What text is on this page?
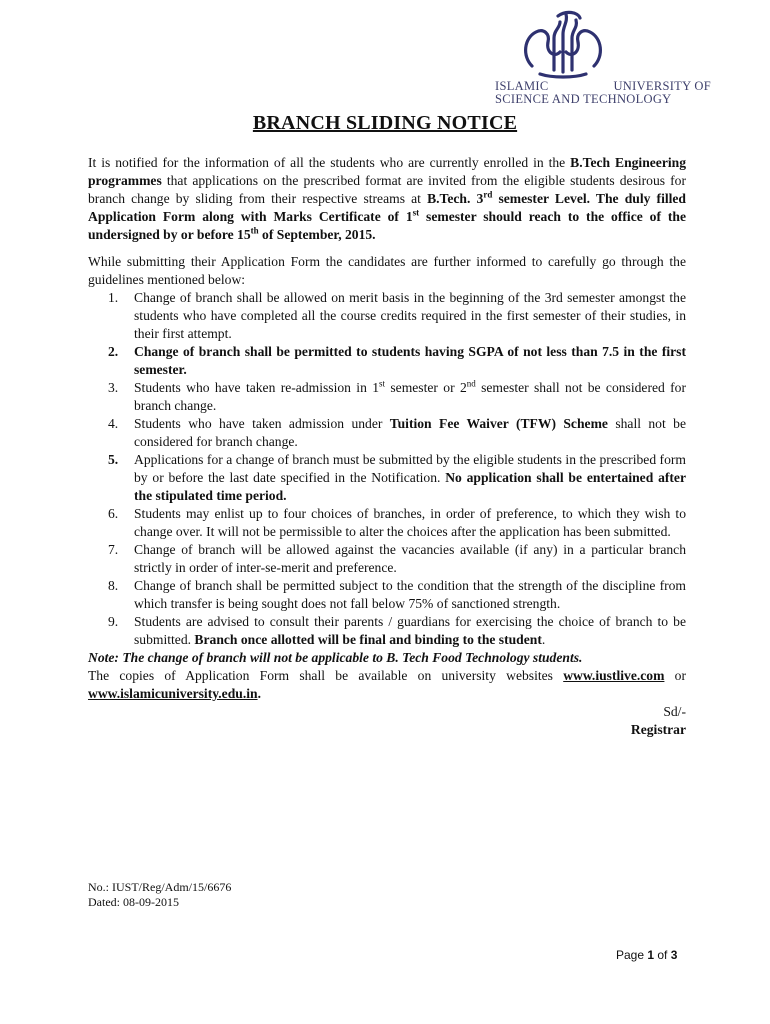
ISLAMIC	UNIVERSITY OF
SCIENCE AND TECHNOLOGY
BRANCH SLIDING NOTICE

It is notified for the information of all the students who are currently enrolled in the B.Tech Engineering programmes that applications on the prescribed format are invited from the eligible students desirous for branch change by sliding from their respective streams at B.Tech. 3rd semester Level. The duly filled Application Form along with Marks Certificate of 1st semester should reach to the office of the undersigned by or before 15th of September, 2015.

While submitting their Application Form the candidates are further informed to carefully go through the guidelines mentioned below:

1. Change of branch shall be allowed on merit basis in the beginning of the 3rd semester amongst the students who have completed all the course credits required in the first semester of their studies, in their first attempt.
2. Change of branch shall be permitted to students having SGPA of not less than 7.5 in the first semester.
3. Students who have taken re-admission in 1st semester or 2nd semester shall not be considered for branch change.
4. Students who have taken admission under Tuition Fee Waiver (TFW) Scheme shall not be considered for branch change.
5. Applications for a change of branch must be submitted by the eligible students in the prescribed form by or before the last date specified in the Notification. No application shall be entertained after the stipulated time period.
6. Students may enlist up to four choices of branches, in order of preference, to which they wish to change over. It will not be permissible to alter the choices after the application has been submitted.
7. Change of branch will be allowed against the vacancies available (if any) in a particular branch strictly in order of inter-se-merit and preference.
8. Change of branch shall be permitted subject to the condition that the strength of the discipline from which transfer is being sought does not fall below 75% of sanctioned strength.
9. Students are advised to consult their parents / guardians for exercising the choice of branch to be submitted. Branch once allotted will be final and binding to the student.

Note: The change of branch will not be applicable to B. Tech Food Technology students.

The copies of Application Form shall be available on university websites www.iustlive.com or www.islamicuniversity.edu.in.

Sd/-
Registrar
No.: IUST/Reg/Adm/15/6676
Dated: 08-09-2015
Page 1 of 3
